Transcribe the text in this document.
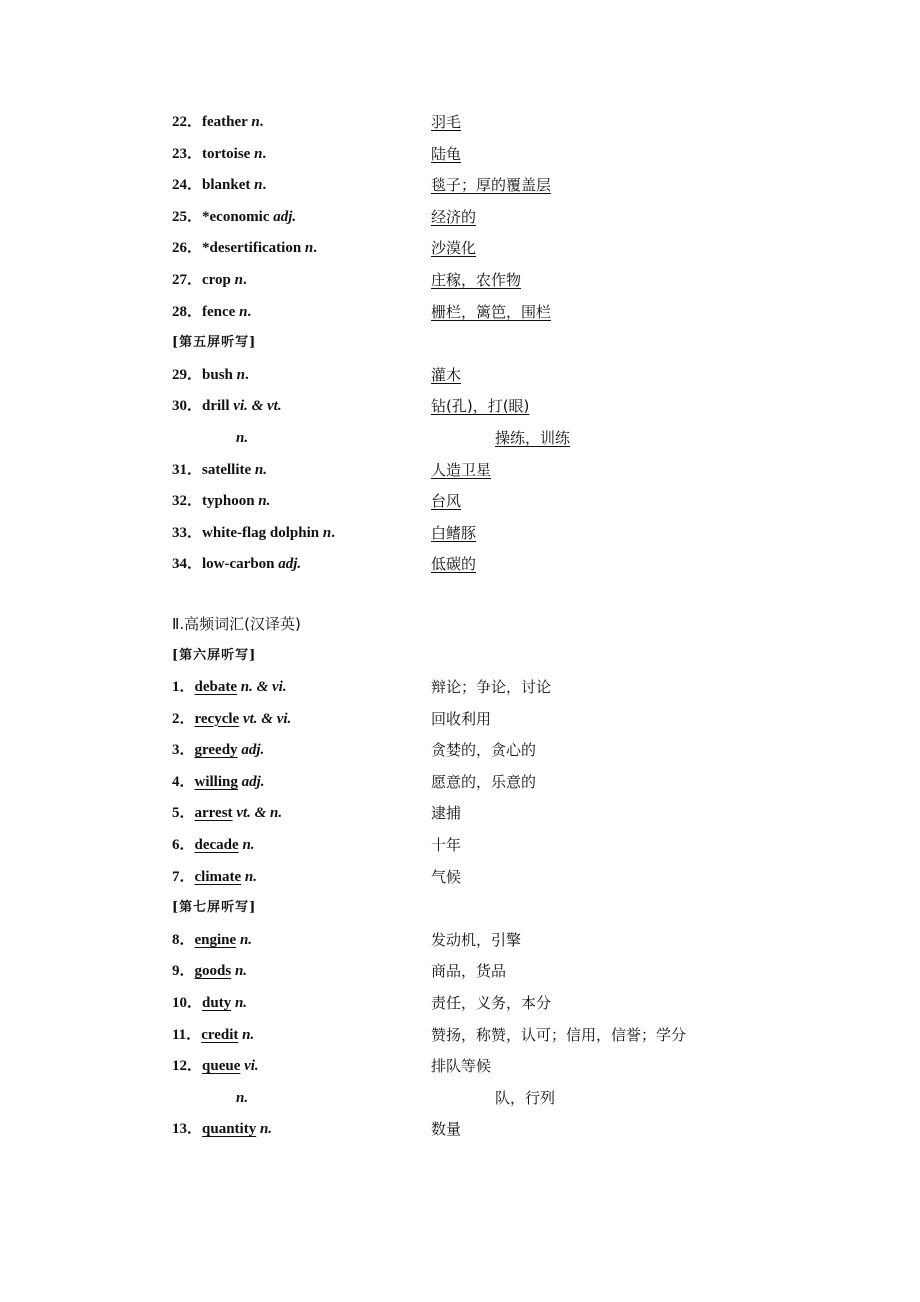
22．feather n.	羽毛
23．tortoise n.	陆龟
24．blanket n.	毯子；厚的覆盖层
25．*economic adj.	经济的
26．*desertification n.	沙漠化
27．crop n.	庄稼，农作物
28．fence n.	栅栏，篱笆，围栏
[第五屏听写]
29．bush n.	灌木
30．drill vi. & vt.	钻(孔)，打(眼)
n.	操练，训练
31．satellite n.	人造卫星
32．typhoon n.	台风
33．white-flag dolphin n.	白鳍豚
34．low-carbon adj.	低碳的
Ⅱ.高频词汇(汉译英)
[第六屏听写]
1．debate n. & vi.	辩论；争论，讨论
2．recycle vt. & vi.	回收利用
3．greedy adj.	贪婪的，贪心的
4．willing adj.	愿意的，乐意的
5．arrest vt. & n.	逮捕
6．decade n.	十年
7．climate n.	气候
[第七屏听写]
8．engine n.	发动机，引擎
9．goods n.	商品，货品
10．duty n.	责任，义务，本分
11．credit n.	赞扬，称赞，认可；信用，信誉；学分
12．queue vi.	排队等候
n.	队，行列
13．quantity n.	数量
